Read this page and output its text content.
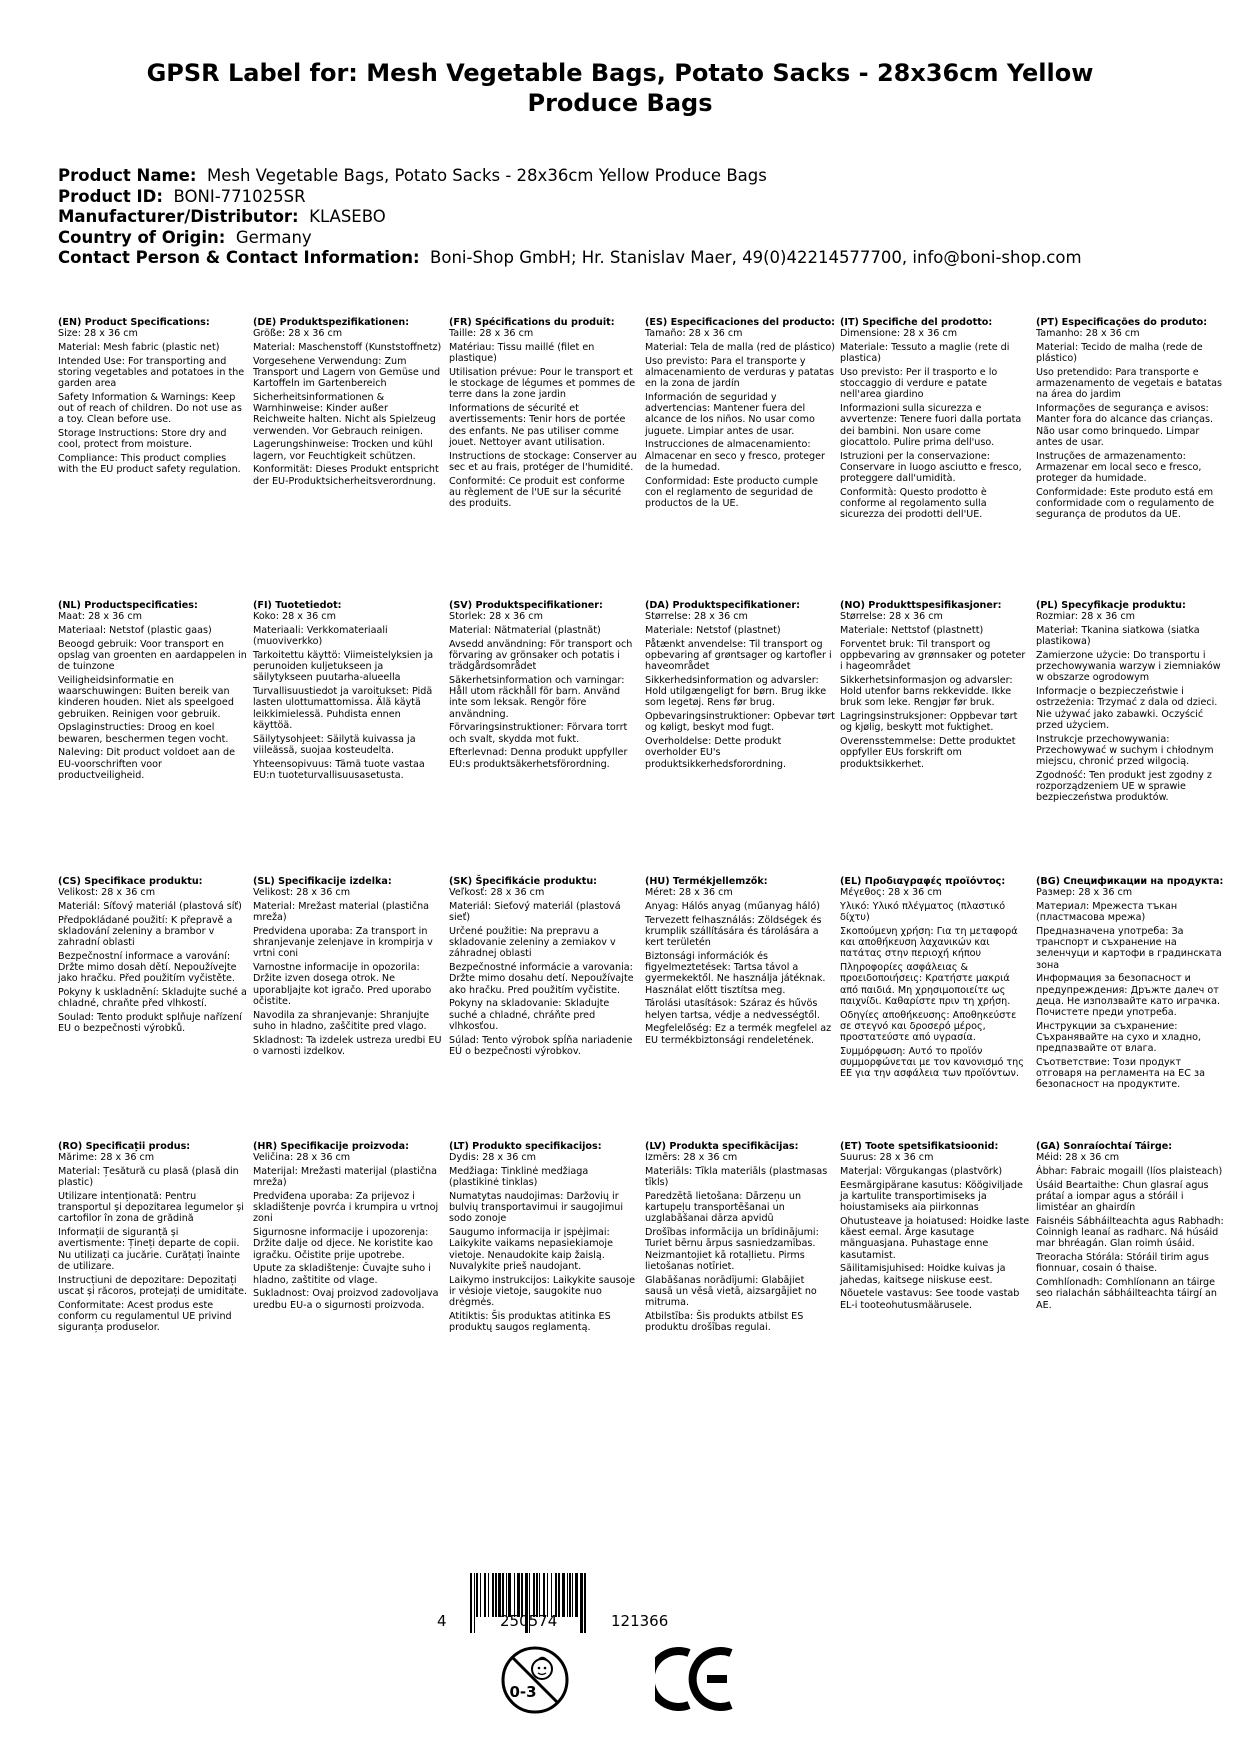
GPSR Label for: Mesh Vegetable Bags, Potato Sacks - 28x36cm Yellow Produce Bags
Product Name: Mesh Vegetable Bags, Potato Sacks - 28x36cm Yellow Produce Bags
Product ID: BONI-771025SR
Manufacturer/Distributor: KLASEBO
Country of Origin: Germany
Contact Person & Contact Information: Boni-Shop GmbH; Hr. Stanislav Maer, 49(0)42214577700, info@boni-shop.com
(EN) Product Specifications:
Size: 28 x 36 cm
Material: Mesh fabric (plastic net)
Intended Use: For transporting and storing vegetables and potatoes in the garden area
Safety Information & Warnings: Keep out of reach of children. Do not use as a toy. Clean before use.
Storage Instructions: Store dry and cool, protect from moisture.
Compliance: This product complies with the EU product safety regulation.
(DE) Produktspezifikationen:
Größe: 28 x 36 cm
Material: Maschenstoff (Kunststoffnetz)
Vorgesehene Verwendung: Zum Transport und Lagern von Gemüse und Kartoffeln im Gartenbereich
Sicherheitsinformationen & Warnhinweise: Kinder außer Reichweite halten. Nicht als Spielzeug verwenden. Vor Gebrauch reinigen.
Lagerungshinweise: Trocken und kühl lagern, vor Feuchtigkeit schützen.
Konformität: Dieses Produkt entspricht der EU-Produktsicherheitsverordnung.
(FR) Spécifications du produit:
Taille: 28 x 36 cm
Matériau: Tissu maillé (filet en plastique)
Utilisation prévue: Pour le transport et le stockage de légumes et pommes de terre dans la zone jardin
Informations de sécurité et avertissements: Tenir hors de portée des enfants. Ne pas utiliser comme jouet. Nettoyer avant utilisation.
Instructions de stockage: Conserver au sec et au frais, protéger de l'humidité.
Conformité: Ce produit est conforme au règlement de l'UE sur la sécurité des produits.
(ES) Especificaciones del producto:
Tamaño: 28 x 36 cm
Material: Tela de malla (red de plástico)
Uso previsto: Para el transporte y almacenamiento de verduras y patatas en la zona de jardín
Información de seguridad y advertencias: Mantener fuera del alcance de los niños. No usar como juguete. Limpiar antes de usar.
Instrucciones de almacenamiento: Almacenar en seco y fresco, proteger de la humedad.
Conformidad: Este producto cumple con el reglamento de seguridad de productos de la UE.
(IT) Specifiche del prodotto:
Dimensione: 28 x 36 cm
Materiale: Tessuto a maglie (rete di plastica)
Uso previsto: Per il trasporto e lo stoccaggio di verdure e patate nell'area giardino
Informazioni sulla sicurezza e avvertenze: Tenere fuori dalla portata dei bambini. Non usare come giocattolo. Pulire prima dell'uso.
Istruzioni per la conservazione: Conservare in luogo asciutto e fresco, proteggere dall'umidità.
Conformità: Questo prodotto è conforme al regolamento sulla sicurezza dei prodotti dell'UE.
(PT) Especificações do produto:
Tamanho: 28 x 36 cm
Material: Tecido de malha (rede de plástico)
Uso pretendido: Para transporte e armazenamento de vegetais e batatas na área do jardim
Informações de segurança e avisos: Manter fora do alcance das crianças. Não usar como brinquedo. Limpar antes de usar.
Instruções de armazenamento: Armazenar em local seco e fresco, proteger da humidade.
Conformidade: Este produto está em conformidade com o regulamento de segurança de produtos da UE.
(NL) Productspecificaties:
Maat: 28 x 36 cm
Materiaal: Netstof (plastic gaas)
Beoogd gebruik: Voor transport en opslag van groenten en aardappelen in de tuinzone
Veiligheidsinformatie en waarschuwingen: Buiten bereik van kinderen houden. Niet als speelgoed gebruiken. Reinigen voor gebruik.
Opslaginstructies: Droog en koel bewaren, beschermen tegen vocht.
Naleving: Dit product voldoet aan de EU-voorschriften voor productveiligheid.
(FI) Tuotetiedot:
Koko: 28 x 36 cm
Materiaali: Verkkomateriaali (muoviverkko)
Tarkoitettu käyttö: Viimeistelyksien ja perunoiden kuljetukseen ja säilytykseen puutarha-alueella
Turvallisuustiedot ja varoitukset: Pidä lasten ulottumattomissa. Älä käytä leikkimielessä. Puhdista ennen käyttöä.
Säilytysohjeet: Säilytä kuivassa ja viileässä, suojaa kosteudelta.
Yhteensopivuus: Tämä tuote vastaa EU:n tuoteturvallisuusasetusta.
(SV) Produktspecifikationer:
Storlek: 28 x 36 cm
Material: Nätmaterial (plastnät)
Avsedd användning: För transport och förvaring av grönsaker och potatis i trädgårdsområdet
Säkerhetsinformation och varningar: Håll utom räckhåll för barn. Använd inte som leksak. Rengör före användning.
Förvaringsinstruktioner: Förvara torrt och svalt, skydda mot fukt.
Efterlevnad: Denna produkt uppfyller EU:s produktsäkerhetsförordning.
(DA) Produktspecifikationer:
Størrelse: 28 x 36 cm
Materiale: Netstof (plastnet)
Påtænkt anvendelse: Til transport og opbevaring af grøntsager og kartofler i haveområdet
Sikkerhedsinformation og advarsler: Hold utilgængeligt for børn. Brug ikke som legetøj. Rens før brug.
Opbevaringsinstruktioner: Opbevar tørt og køligt, beskyt mod fugt.
Overholdelse: Dette produkt overholder EU's produktsikkerhedsforordning.
(NO) Produkttspesifikasjoner:
Størrelse: 28 x 36 cm
Materiale: Nettstof (plastnett)
Forventet bruk: Til transport og oppbevaring av grønnsaker og poteter i hageområdet
Sikkerhetsinformasjon og advarsler: Hold utenfor barns rekkevidde. Ikke bruk som leke. Rengjør før bruk.
Lagringsinstruksjoner: Oppbevar tørt og kjølig, beskytt mot fuktighet.
Overensstemmelse: Dette produktet oppfyller EUs forskrift om produktsikkerhet.
(PL) Specyfikacje produktu:
Rozmiar: 28 x 36 cm
Materiał: Tkanina siatkowa (siatka plastikowa)
Zamierzone użycie: Do transportu i przechowywania warzyw i ziemniaków w obszarze ogrodowym
Informacje o bezpieczeństwie i ostrzeżenia: Trzymać z dala od dzieci. Nie używać jako zabawki. Oczyścić przed użyciem.
Instrukcje przechowywania: Przechowywać w suchym i chłodnym miejscu, chronić przed wilgocią.
Zgodność: Ten produkt jest zgodny z rozporządzeniem UE w sprawie bezpieczeństwa produktów.
(CS) Specifikace produktu:
Velikost: 28 x 36 cm
Materiál: Síťový materiál (plastová síť)
Předpokládané použití: K přepravě a skladování zeleniny a brambor v zahradní oblasti
Bezpečnostní informace a varování: Držte mimo dosah dětí. Nepoužívejte jako hračku. Před použitím vyčistěte.
Pokyny k uskladnění: Skladujte suché a chladné, chraňte před vlhkostí.
Soulad: Tento produkt splňuje nařízení EU o bezpečnosti výrobků.
(SL) Specifikacije izdelka:
Velikost: 28 x 36 cm
Material: Mrežast material (plastična mreža)
Predvidena uporaba: Za transport in shranjevanje zelenjave in krompirja v vrtni coni
Varnostne informacije in opozorila: Držite izven dosega otrok. Ne uporabljajte kot igračo. Pred uporabo očistite.
Navodila za shranjevanje: Shranjujte suho in hladno, zaščitite pred vlago.
Skladnost: Ta izdelek ustreza uredbi EU o varnosti izdelkov.
(SK) Špecifikácie produktu:
Veľkosť: 28 x 36 cm
Materiál: Sieťový materiál (plastová sieť)
Určené použitie: Na prepravu a skladovanie zeleniny a zemiakov v záhradnej oblasti
Bezpečnostné informácie a varovania: Držte mimo dosahu detí. Nepoužívajte ako hračku. Pred použitím vyčistite.
Pokyny na skladovanie: Skladujte suché a chladné, chráňte pred vlhkosťou.
Súlad: Tento výrobok spĺňa nariadenie EÚ o bezpečnosti výrobkov.
(HU) Termékjellemzők:
Méret: 28 x 36 cm
Anyag: Hálós anyag (műanyag háló)
Tervezett felhasználás: Zöldségek és krumplik szállítására és tárolására a kert területén
Biztonsági információk és figyelmeztetések: Tartsa távol a gyermekektől. Ne használja játéknak. Használat előtt tisztítsa meg.
Tárolási utasítások: Száraz és hűvös helyen tartsa, védje a nedvességtől.
Megfelelőség: Ez a termék megfelel az EU termékbiztonsági rendeletének.
(EL) Προδιαγραφές προϊόντος:
Μέγεθος: 28 x 36 cm
Υλικό: Υλικό πλέγματος (πλαστικό δίχτυ)
Σκοπούμενη χρήση: Για τη μεταφορά και αποθήκευση λαχανικών και πατάτας στην περιοχή κήπου
Πληροφορίες ασφάλειας & προειδοποιήσεις: Κρατήστε μακριά από παιδιά. Μη χρησιμοποιείτε ως παιχνίδι. Καθαρίστε πριν τη χρήση.
Οδηγίες αποθήκευσης: Αποθηκεύστε σε στεγνό και δροσερό μέρος, προστατεύστε από υγρασία.
Συμμόρφωση: Αυτό το προϊόν συμμορφώνεται με τον κανονισμό της ΕΕ για την ασφάλεια των προϊόντων.
(BG) Спецификации на продукта:
Размер: 28 x 36 cm
Материал: Мрежеста тъкан (пластмасова мрежа)
Предназначена употреба: За транспорт и съхранение на зеленчуци и картофи в градинската зона
Информация за безопасност и предупреждения: Дръжте далеч от деца. Не използвайте като играчка. Почистете преди употреба.
Инструкции за съхранение: Съхранявайте на сухо и хладно, предпазвайте от влага.
Съответствие: Този продукт отговаря на регламента на ЕС за безопасност на продуктите.
(RO) Specificații produs:
Mărime: 28 x 36 cm
Material: Țesătură cu plasă (plasă din plastic)
Utilizare intenționată: Pentru transportul și depozitarea legumelor și cartofilor în zona de grădină
Informații de siguranță și avertismente: Țineți departe de copii. Nu utilizați ca jucărie. Curățați înainte de utilizare.
Instrucțiuni de depozitare: Depozitați uscat și răcoros, protejați de umiditate.
Conformitate: Acest produs este conform cu regulamentul UE privind siguranța produselor.
(HR) Specifikacije proizvoda:
Veličina: 28 x 36 cm
Materijal: Mrežasti materijal (plastična mreža)
Predviđena uporaba: Za prijevoz i skladištenje povrća i krumpira u vrtnoj zoni
Sigurnosne informacije i upozorenja: Držite dalje od djece. Ne koristite kao igračku. Očistite prije upotrebe.
Upute za skladištenje: Čuvajte suho i hladno, zaštitite od vlage.
Sukladnost: Ovaj proizvod zadovoljava uredbu EU-a o sigurnosti proizvoda.
(LT) Produkto specifikacijos:
Dydis: 28 x 36 cm
Medžiaga: Tinklinė medžiaga (plastikinė tinklas)
Numatytas naudojimas: Daržovių ir bulvių transportavimui ir saugojimui sodo zonoje
Saugumo informacija ir įspėjimai: Laikykite vaikams nepasiekiamoje vietoje. Nenaudokite kaip žaislą. Nuvalykite prieš naudojant.
Laikymo instrukcijos: Laikykite sausoje ir vėsioje vietoje, saugokite nuo drėgmės.
Atitiktis: Šis produktas atitinka ES produktų saugos reglamentą.
(LV) Produkta specifikācijas:
Izmērs: 28 x 36 cm
Materiāls: Tīkla materiāls (plastmasas tīkls)
Paredzētā lietošana: Dārzeņu un kartupeļu transportēšanai un uzglabāšanai dārza apvidū
Drošības informācija un brīdinājumi: Turiet bērnu ārpus sasniedzamības. Neizmantojiet kā rotaļlietu. Pirms lietošanas notīriet.
Glabāšanas norādījumi: Glabājiet sausā un vēsā vietā, aizsargājiet no mitruma.
Atbilstība: Šis produkts atbilst ES produktu drošības regulai.
(ET) Toote spetsifikatsioonid:
Suurus: 28 x 36 cm
Materjal: Võrgukangas (plastvõrk)
Eesmärgipärane kasutus: Köögiviljade ja kartulite transportimiseks ja hoiustamiseks aia piirkonnas
Ohutusteave ja hoiatused: Hoidke laste käest eemal. Ärge kasutage mänguasjana. Puhastage enne kasutamist.
Säilitamisjuhised: Hoidke kuivas ja jahedas, kaitsege niiskuse eest.
Nõuetele vastavus: See toode vastab EL-i tooteohutusmäärusele.
(GA) Sonraíochtaí Táirge:
Méid: 28 x 36 cm
Ábhar: Fabraic mogaill (líos plaisteach)
Úsáid Beartaithe: Chun glasraí agus prátaí a iompar agus a stóráil i limistéar an ghairdín
Faisnéis Sábháilteachta agus Rabhadh: Coinnigh leanaí as radharc. Ná húsáid mar bhréagán. Glan roimh úsáid.
Treoracha Stórála: Stóráil tirim agus fionnuar, cosain ó thaise.
Comhlíonadh: Comhlíonann an táirge seo rialachán sábháilteachta táirgí an AE.
4	250574	121366
0-3
